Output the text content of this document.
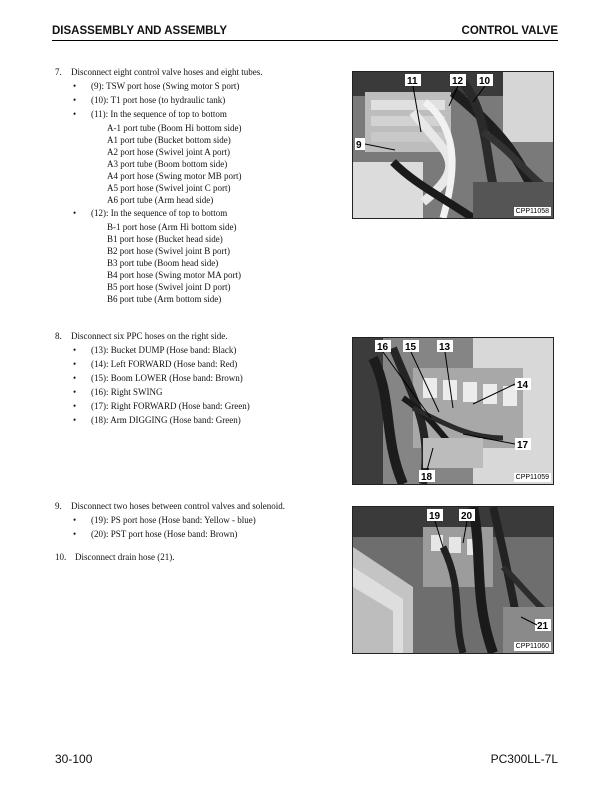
DISASSEMBLY AND ASSEMBLY	CONTROL VALVE
7. Disconnect eight control valve hoses and eight tubes.
• (9): TSW port hose (Swing motor S port)
• (10): T1 port hose (to hydraulic tank)
• (11): In the sequence of top to bottom
A-1 port tube (Boom Hi bottom side)
A1 port tube (Bucket bottom side)
A2 port hose (Swivel joint A port)
A3 port tube (Boom bottom side)
A4 port hose (Swing motor MB port)
A5 port hose (Swivel joint C port)
A6 port tube (Arm head side)
• (12): In the sequence of top to bottom
B-1 port hose (Arm Hi bottom side)
B1 port hose (Bucket head side)
B2 port hose (Swivel joint B port)
B3 port tube (Boom head side)
B4 port hose (Swing motor MA port)
B5 port hose (Swivel joint D port)
B6 port tube (Arm bottom side)
11	12 10
9
CPP11058
8. Disconnect six PPC hoses on the right side.
• (13): Bucket DUMP (Hose band: Black)
• (14): Left FORWARD (Hose band: Red)
• (15): Boom LOWER (Hose band: Brown)
• (16): Right SWING
• (17): Right FORWARD (Hose band: Green)
• (18): Arm DIGGING (Hose band: Green)
16 15 13
14
17
18	CPP11059
9. Disconnect two hoses between control valves and solenoid.
• (19): PS port hose (Hose band: Yellow - blue)
• (20): PST port hose (Hose band: Brown)
10. Disconnect drain hose (21).
19 20
21
CPP11060
30-100	PC300LL-7L
